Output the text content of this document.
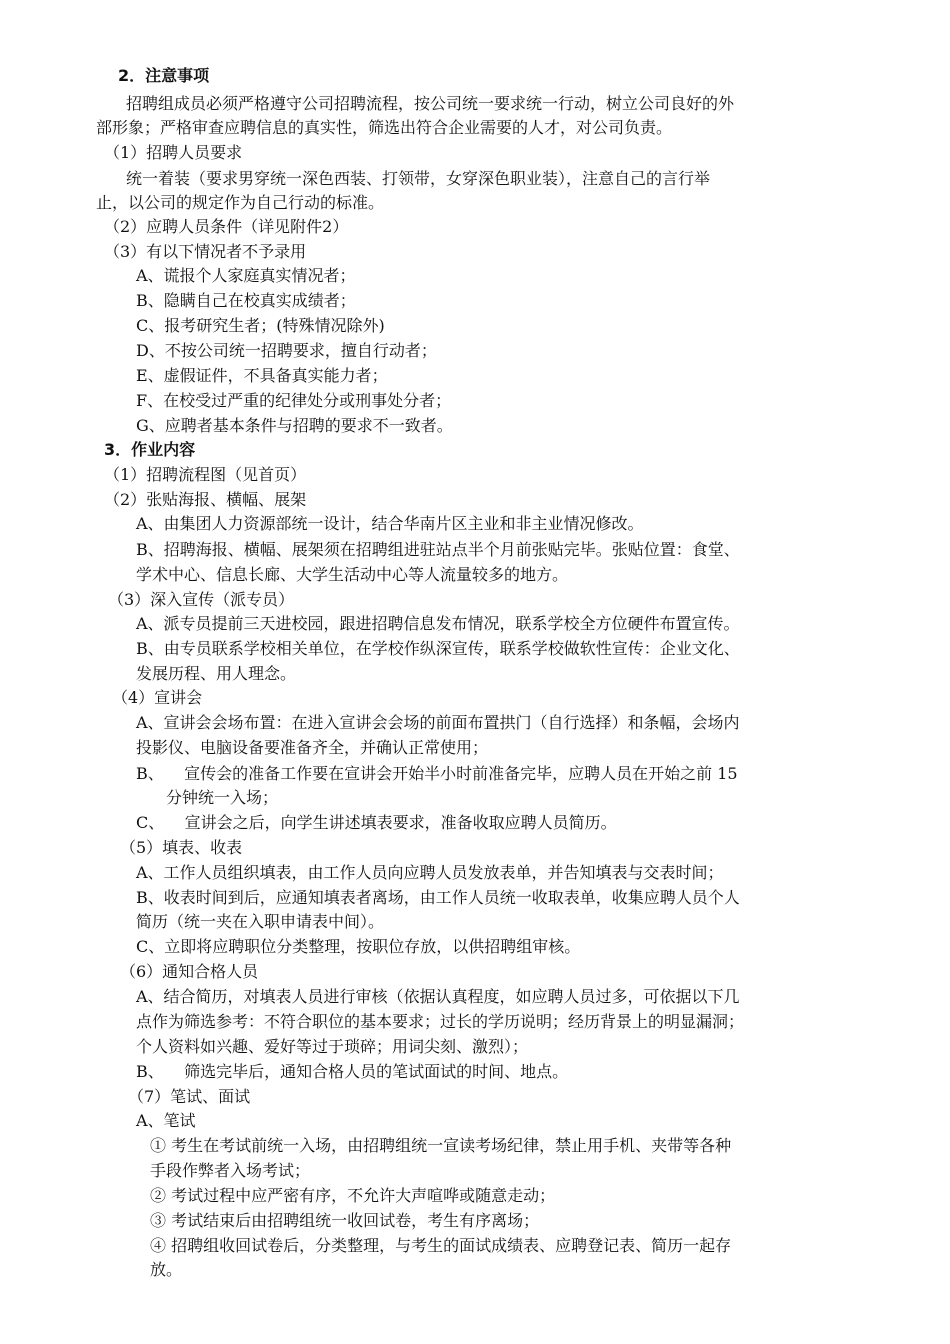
2．注意事项
招聘组成员必须严格遵守公司招聘流程，按公司统一要求统一行动，树立公司良好的外
部形象；严格审查应聘信息的真实性，筛选出符合企业需要的人才，对公司负责。
（1）招聘人员要求
统一着装（要求男穿统一深色西装、打领带，女穿深色职业装），注意自己的言行举
止，以公司的规定作为自己行动的标准。
（2）应聘人员条件（详见附件2）
（3）有以下情况者不予录用
A、谎报个人家庭真实情况者；
B、隐瞒自己在校真实成绩者；
C、报考研究生者；(特殊情况除外)
D、不按公司统一招聘要求，擅自行动者；
E、虚假证件，不具备真实能力者；
F、在校受过严重的纪律处分或刑事处分者；
G、应聘者基本条件与招聘的要求不一致者。
3．作业内容
（1）招聘流程图（见首页）
（2）张贴海报、横幅、展架
A、由集团人力资源部统一设计，结合华南片区主业和非主业情况修改。
B、招聘海报、横幅、展架须在招聘组进驻站点半个月前张贴完毕。张贴位置：食堂、
学术中心、信息长廊、大学生活动中心等人流量较多的地方。
（3）深入宣传（派专员）
A、派专员提前三天进校园，跟进招聘信息发布情况，联系学校全方位硬件布置宣传。
B、由专员联系学校相关单位，在学校作纵深宣传，联系学校做软性宣传：企业文化、
发展历程、用人理念。
（4）宣讲会
A、宣讲会会场布置：在进入宣讲会会场的前面布置拱门（自行选择）和条幅，会场内
投影仪、电脑设备要准备齐全，并确认正常使用；
B、    宣传会的准备工作要在宣讲会开始半小时前准备完毕，应聘人员在开始之前 15
分钟统一入场；
C、    宣讲会之后，向学生讲述填表要求，准备收取应聘人员简历。
（5）填表、收表
A、工作人员组织填表，由工作人员向应聘人员发放表单，并告知填表与交表时间；
B、收表时间到后，应通知填表者离场，由工作人员统一收取表单，收集应聘人员个人
简历（统一夹在入职申请表中间）。
C、立即将应聘职位分类整理，按职位存放，以供招聘组审核。
（6）通知合格人员
A、结合简历，对填表人员进行审核（依据认真程度，如应聘人员过多，可依据以下几
点作为筛选参考：不符合职位的基本要求；过长的学历说明；经历背景上的明显漏洞；
个人资料如兴趣、爱好等过于琐碎；用词尖刻、激烈）；
B、    筛选完毕后，通知合格人员的笔试面试的时间、地点。
（7）笔试、面试
A、笔试
① 考生在考试前统一入场，由招聘组统一宣读考场纪律，禁止用手机、夹带等各种
手段作弊者入场考试；
② 考试过程中应严密有序，不允许大声喧哗或随意走动；
③ 考试结束后由招聘组统一收回试卷，考生有序离场；
④ 招聘组收回试卷后，分类整理，与考生的面试成绩表、应聘登记表、简历一起存
放。
